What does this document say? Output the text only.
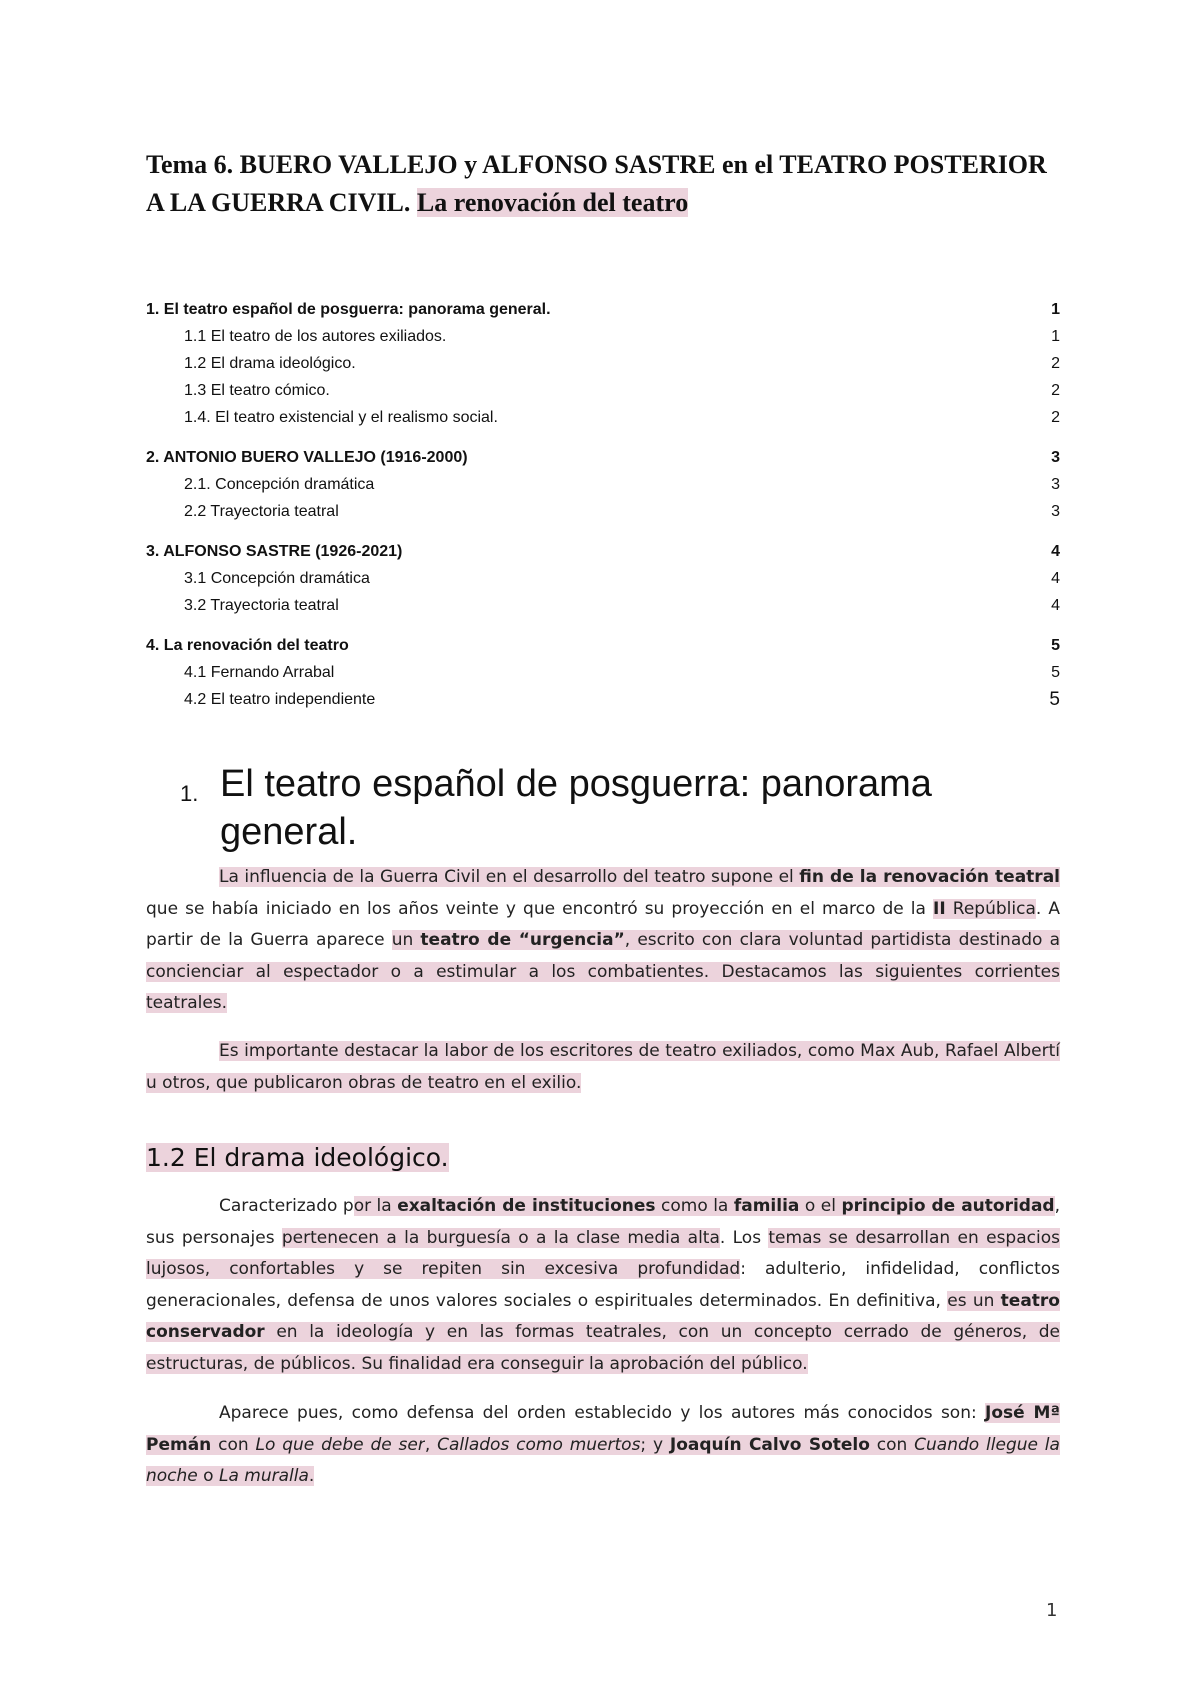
Tema 6. BUERO VALLEJO y ALFONSO SASTRE en el TEATRO POSTERIOR A LA GUERRA CIVIL. La renovación del teatro
1. El teatro español de posguerra: panorama general.	1
1.1 El teatro de los autores exiliados.	1
1.2 El drama ideológico.	2
1.3 El teatro cómico.	2
1.4. El teatro existencial y el realismo social.	2
2. ANTONIO BUERO VALLEJO (1916-2000)	3
2.1. Concepción dramática	3
2.2 Trayectoria teatral	3
3. ALFONSO SASTRE (1926-2021)	4
3.1 Concepción dramática	4
3.2 Trayectoria teatral	4
4. La renovación del teatro	5
4.1 Fernando Arrabal	5
4.2 El teatro independiente	5
1. El teatro español de posguerra: panorama general.

La influencia de la Guerra Civil en el desarrollo del teatro supone el fin de la renovación teatral que se había iniciado en los años veinte y que encontró su proyección en el marco de la II República. A partir de la Guerra aparece un teatro de “urgencia”, escrito con clara voluntad partidista destinado a concienciar al espectador o a estimular a los combatientes. Destacamos las siguientes corrientes teatrales.

Es importante destacar la labor de los escritores de teatro exiliados, como Max Aub, Rafael Albertí u otros, que publicaron obras de teatro en el exilio.

1.2 El drama ideológico.

Caracterizado por la exaltación de instituciones como la familia o el principio de autoridad, sus personajes pertenecen a la burguesía o a la clase media alta. Los temas se desarrollan en espacios lujosos, confortables y se repiten sin excesiva profundidad: adulterio, infidelidad, conflictos generacionales, defensa de unos valores sociales o espirituales determinados. En definitiva, es un teatro conservador en la ideología y en las formas teatrales, con un concepto cerrado de géneros, de estructuras, de públicos. Su finalidad era conseguir la aprobación del público.

Aparece pues, como defensa del orden establecido y los autores más conocidos son: José Mª Pemán con Lo que debe de ser, Callados como muertos; y Joaquín Calvo Sotelo con Cuando llegue la noche o La muralla.

1
